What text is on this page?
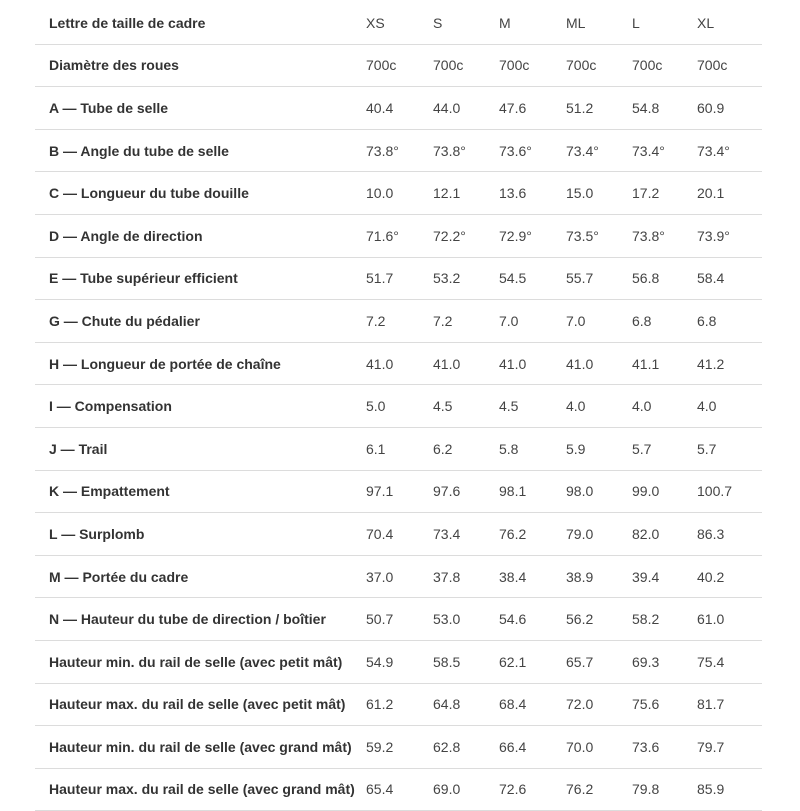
Lettre de taille de cadre	XS	S	M	ML	L	XL
Diamètre des roues	700c	700c	700c	700c	700c	700c
A — Tube de selle	40.4	44.0	47.6	51.2	54.8	60.9
B — Angle du tube de selle	73.8°	73.8°	73.6°	73.4°	73.4°	73.4°
C — Longueur du tube douille	10.0	12.1	13.6	15.0	17.2	20.1
D — Angle de direction	71.6°	72.2°	72.9°	73.5°	73.8°	73.9°
E — Tube supérieur efficient	51.7	53.2	54.5	55.7	56.8	58.4
G — Chute du pédalier	7.2	7.2	7.0	7.0	6.8	6.8
H — Longueur de portée de chaîne	41.0	41.0	41.0	41.0	41.1	41.2
I — Compensation	5.0	4.5	4.5	4.0	4.0	4.0
J — Trail	6.1	6.2	5.8	5.9	5.7	5.7
K — Empattement	97.1	97.6	98.1	98.0	99.0	100.7
L — Surplomb	70.4	73.4	76.2	79.0	82.0	86.3
M — Portée du cadre	37.0	37.8	38.4	38.9	39.4	40.2
N — Hauteur du tube de direction / boîtier	50.7	53.0	54.6	56.2	58.2	61.0
Hauteur min. du rail de selle (avec petit mât)	54.9	58.5	62.1	65.7	69.3	75.4
Hauteur max. du rail de selle (avec petit mât)	61.2	64.8	68.4	72.0	75.6	81.7
Hauteur min. du rail de selle (avec grand mât)	59.2	62.8	66.4	70.0	73.6	79.7
Hauteur max. du rail de selle (avec grand mât)	65.4	69.0	72.6	76.2	79.8	85.9
